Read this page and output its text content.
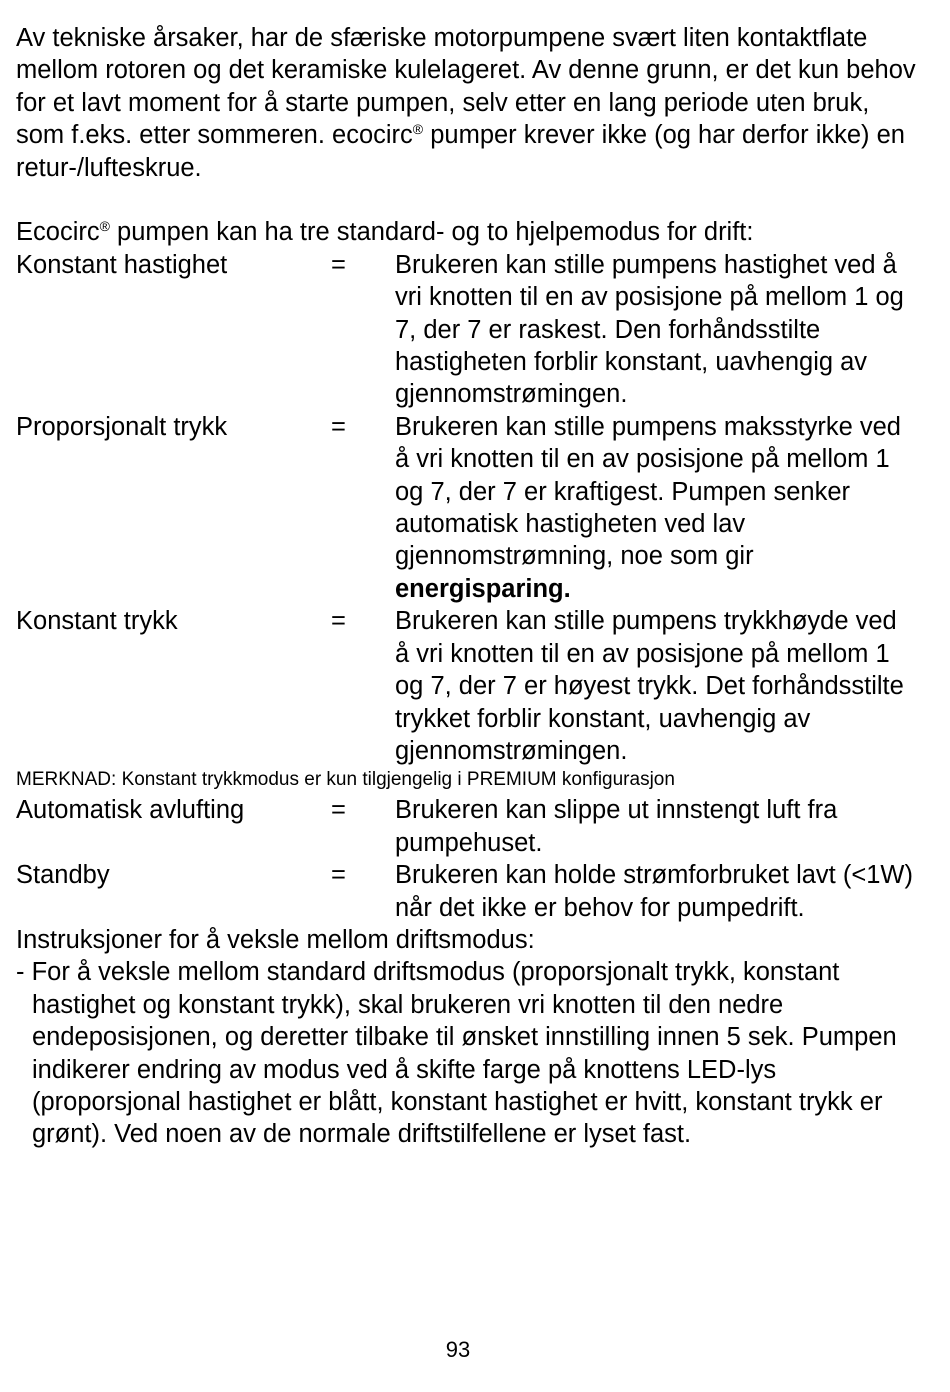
Av tekniske årsaker, har de sfæriske motorpumpene svært liten kontaktflate mellom rotoren og det keramiske kulelageret. Av denne grunn, er det kun behov for et lavt moment for å starte pumpen, selv etter en lang periode uten bruk, som f.eks. etter sommeren. ecocirc® pumper krever ikke (og har derfor ikke) en retur-/lufteskrue.

Ecocirc® pumpen kan ha tre standard- og to hjelpemodus for drift:

Konstant hastighet	=	Brukeren kan stille pumpens hastighet ved å vri knotten til en av posisjone på mellom 1 og 7, der 7 er raskest. Den forhåndsstilte hastigheten forblir konstant, uavhengig av gjennomstrømingen.
Proporsjonalt trykk	=	Brukeren kan stille pumpens maksstyrke ved å vri knotten til en av posisjone på mellom 1 og 7, der 7 er kraftigest. Pumpen senker automatisk hastigheten ved lav gjennomstrømning, noe som gir energisparing.
Konstant trykk	=	Brukeren kan stille pumpens trykkhøyde ved å vri knotten til en av posisjone på mellom 1 og 7, der 7 er høyest trykk. Det forhåndsstilte trykket forblir konstant, uavhengig av gjennomstrømingen.
MERKNAD: Konstant trykkmodus er kun tilgjengelig i PREMIUM konfigurasjon
Automatisk avlufting	=	Brukeren kan slippe ut innstengt luft fra pumpehuset.
Standby	=	Brukeren kan holde strømforbruket lavt (<1W) når det ikke er behov for pumpedrift.

Instruksjoner for å veksle mellom driftsmodus:

- For å veksle mellom standard driftsmodus (proporsjonalt trykk, konstant hastighet og konstant trykk), skal brukeren vri knotten til den nedre endeposisjonen, og deretter tilbake til ønsket innstilling innen 5 sek. Pumpen indikerer endring av modus ved å skifte farge på knottens LED-lys (proporsjonal hastighet er blått, konstant hastighet er hvitt, konstant trykk er grønt). Ved noen av de normale driftstilfellene er lyset fast.

93
